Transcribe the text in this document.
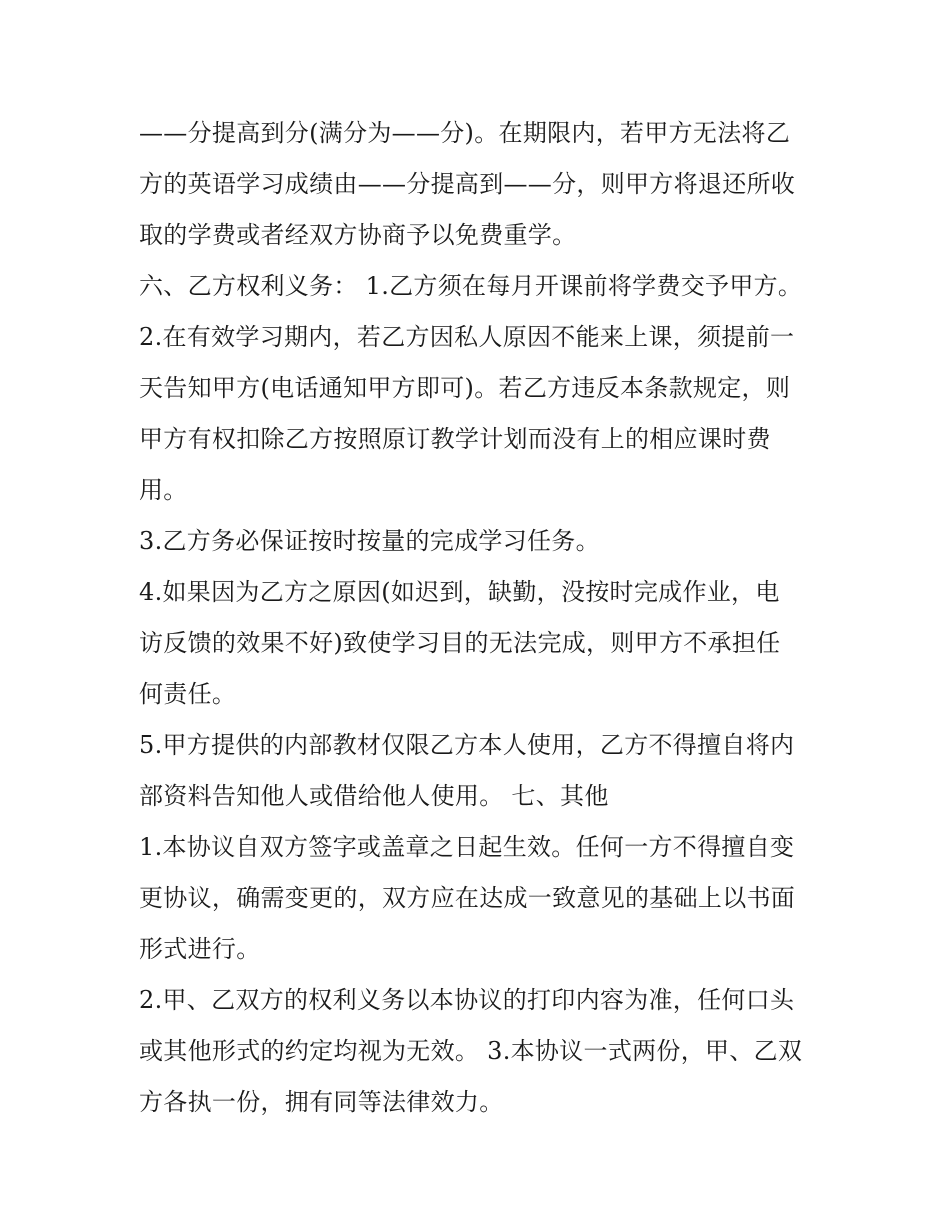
——分提高到分(满分为——分)。在期限内，若甲方无法将乙
方的英语学习成绩由——分提高到——分，则甲方将退还所收
取的学费或者经双方协商予以免费重学。
六、乙方权利义务： 1.乙方须在每月开课前将学费交予甲方。
2.在有效学习期内，若乙方因私人原因不能来上课，须提前一
天告知甲方(电话通知甲方即可)。若乙方违反本条款规定，则
甲方有权扣除乙方按照原订教学计划而没有上的相应课时费
用。
3.乙方务必保证按时按量的完成学习任务。
4.如果因为乙方之原因(如迟到，缺勤，没按时完成作业，电
访反馈的效果不好)致使学习目的无法完成，则甲方不承担任
何责任。
5.甲方提供的内部教材仅限乙方本人使用，乙方不得擅自将内
部资料告知他人或借给他人使用。 七、其他
1.本协议自双方签字或盖章之日起生效。任何一方不得擅自变
更协议，确需变更的，双方应在达成一致意见的基础上以书面
形式进行。
2.甲、乙双方的权利义务以本协议的打印内容为准，任何口头
或其他形式的约定均视为无效。 3.本协议一式两份，甲、乙双
方各执一份，拥有同等法律效力。
